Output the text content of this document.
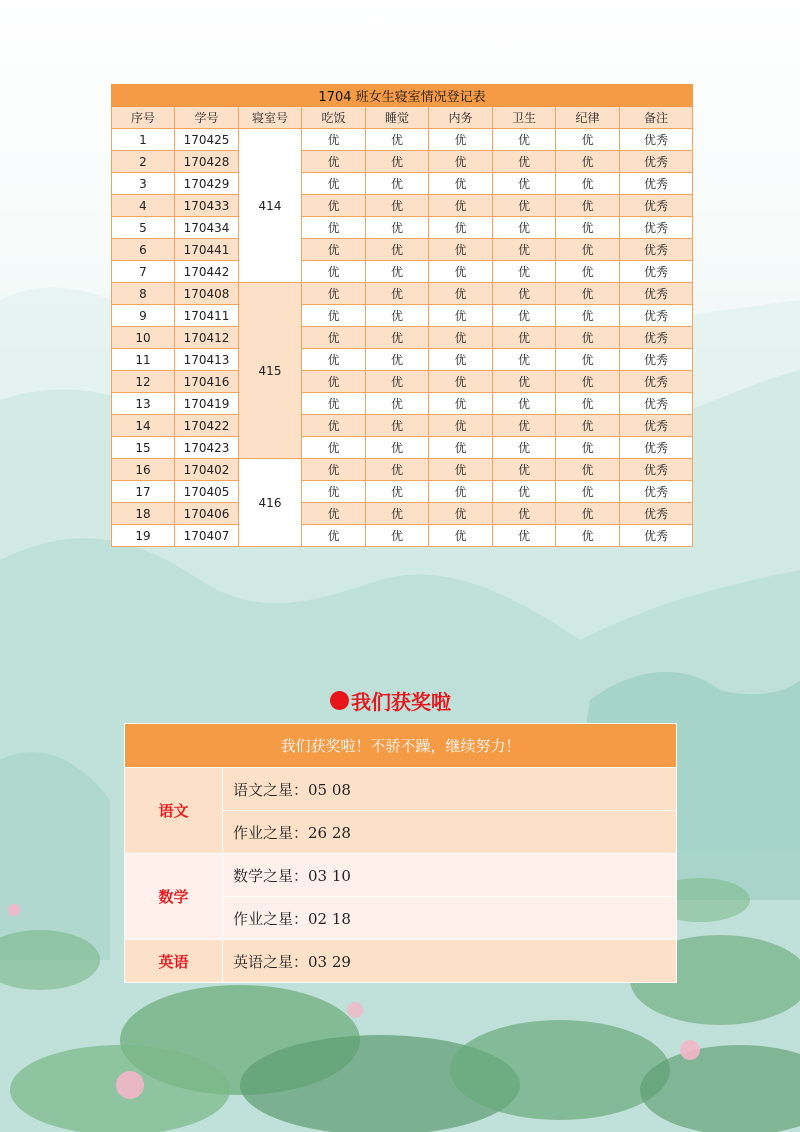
1704 班女生寝室情况登记表								
序号	学号	寝室号	吃饭	睡觉	内务	卫生	纪律	备注
1	170425	414	优	优	优	优	优	优秀
2	170428		优	优	优	优	优	优秀
3	170429		优	优	优	优	优	优秀
4	170433		优	优	优	优	优	优秀
5	170434		优	优	优	优	优	优秀
6	170441		优	优	优	优	优	优秀
7	170442		优	优	优	优	优	优秀
8	170408	415	优	优	优	优	优	优秀
9	170411		优	优	优	优	优	优秀
10	170412		优	优	优	优	优	优秀
11	170413		优	优	优	优	优	优秀
12	170416		优	优	优	优	优	优秀
13	170419		优	优	优	优	优	优秀
14	170422		优	优	优	优	优	优秀
15	170423		优	优	优	优	优	优秀
16	170402	416	优	优	优	优	优	优秀
17	170405		优	优	优	优	优	优秀
18	170406		优	优	优	优	优	优秀
19	170407		优	优	优	优	优	优秀
我们获奖啦
我们获奖啦！不骄不躁，继续努力！	
语文	语文之星：05 08
	作业之星：26 28
数学	数学之星：03 10
	作业之星：02 18
英语	英语之星：03 29
